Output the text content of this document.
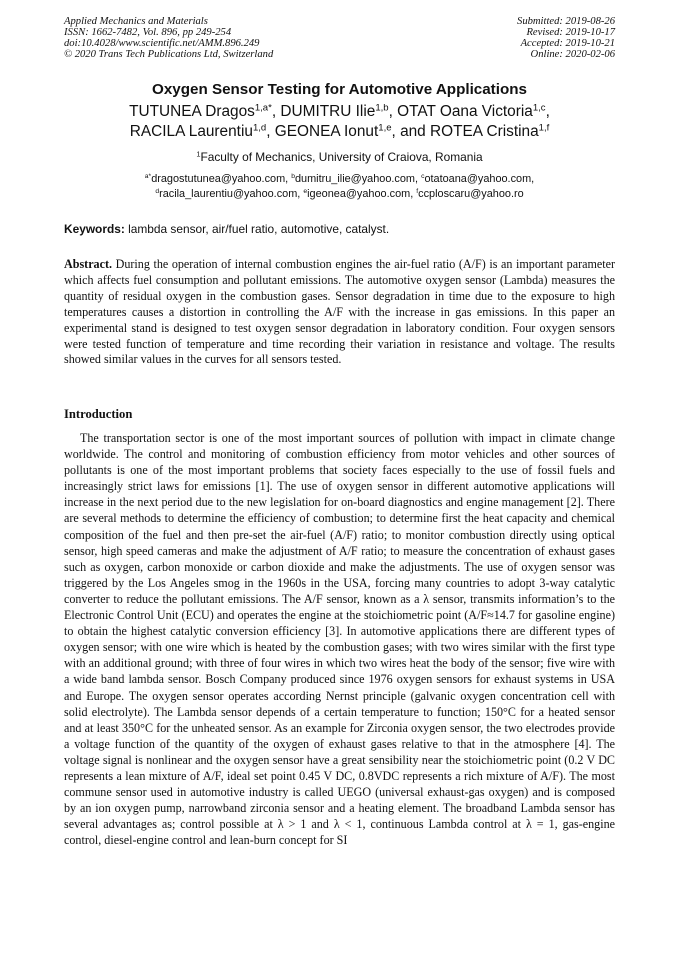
Applied Mechanics and Materials
ISSN: 1662-7482, Vol. 896, pp 249-254
doi:10.4028/www.scientific.net/AMM.896.249
© 2020 Trans Tech Publications Ltd, Switzerland
Submitted: 2019-08-26
Revised: 2019-10-17
Accepted: 2019-10-21
Online: 2020-02-06
Oxygen Sensor Testing for Automotive Applications
TUTUNEA Dragos$^{1,a*}$, DUMITRU Ilie$^{1,b}$, OTAT Oana Victoria$^{1,c}$,
RACILA Laurentiu$^{1,d}$, GEONEA Ionut$^{1,e}$, and ROTEA Cristina$^{1,f}$
$^1$Faculty of Mechanics, University of Craiova, Romania
$^{a*}$dragostutunea@yahoo.com, $^b$dumitru_ilie@yahoo.com, $^c$otatoana@yahoo.com,
$^d$racila_laurentiu@yahoo.com, $^e$igeonea@yahoo.com, $^f$ccploscaru@yahoo.ro
Keywords: lambda sensor, air/fuel ratio, automotive, catalyst.

Abstract. During the operation of internal combustion engines the air-fuel ratio (A/F) is an important parameter which affects fuel consumption and pollutant emissions. The automotive oxygen sensor (Lambda) measures the quantity of residual oxygen in the combustion gases. Sensor degradation in time due to the exposure to high temperatures causes a distortion in controlling the A/F with the increase in gas emissions. In this paper an experimental stand is designed to test oxygen sensor degradation in laboratory condition. Four oxygen sensors were tested function of temperature and time recording their variation in resistance and voltage. The results showed similar values in the curves for all sensors tested.

Introduction

The transportation sector is one of the most important sources of pollution with impact in climate change worldwide. The control and monitoring of combustion efficiency from motor vehicles and other sources of pollutants is one of the most important problems that society faces especially to the use of fossil fuels and increasingly strict laws for emissions [1]. The use of oxygen sensor in different automotive applications will increase in the next period due to the new legislation for on-board diagnostics and engine management [2]. There are several methods to determine the efficiency of combustion; to determine first the heat capacity and chemical composition of the fuel and then pre-set the air-fuel (A/F) ratio; to monitor combustion directly using optical sensor, high speed cameras and make the adjustment of A/F ratio; to measure the concentration of exhaust gases such as oxygen, carbon monoxide or carbon dioxide and make the adjustments. The use of oxygen sensor was triggered by the Los Angeles smog in the 1960s in the USA, forcing many countries to adopt 3-way catalytic converter to reduce the pollutant emissions. The A/F sensor, known as a λ sensor, transmits information’s to the Electronic Control Unit (ECU) and operates the engine at the stoichiometric point (A/F≈14.7 for gasoline engine) to obtain the highest catalytic conversion efficiency [3]. In automotive applications there are different types of oxygen sensor; with one wire which is heated by the combustion gases; with two wires similar with the first type with an additional ground; with three of four wires in which two wires heat the body of the sensor; five wire with a wide band lambda sensor. Bosch Company produced since 1976 oxygen sensors for exhaust systems in USA and Europe. The oxygen sensor operates according Nernst principle (galvanic oxygen concentration cell with solid electrolyte). The Lambda sensor depends of a certain temperature to function; 150°C for a heated sensor and at least 350°C for the unheated sensor. As an example for Zirconia oxygen sensor, the two electrodes provide a voltage function of the quantity of the oxygen of exhaust gases relative to that in the atmosphere [4]. The voltage signal is nonlinear and the oxygen sensor have a great sensibility near the stoichiometric point (0.2 V DC represents a lean mixture of A/F, ideal set point 0.45 V DC, 0.8VDC represents a rich mixture of A/F). The most commune sensor used in automotive industry is called UEGO (universal exhaust-gas oxygen) and is composed by an ion oxygen pump, narrowband zirconia sensor and a heating element. The broadband Lambda sensor has several advantages as; control possible at λ > 1 and λ < 1, continuous Lambda control at λ = 1, gas-engine control, diesel-engine control and lean-burn concept for SI
